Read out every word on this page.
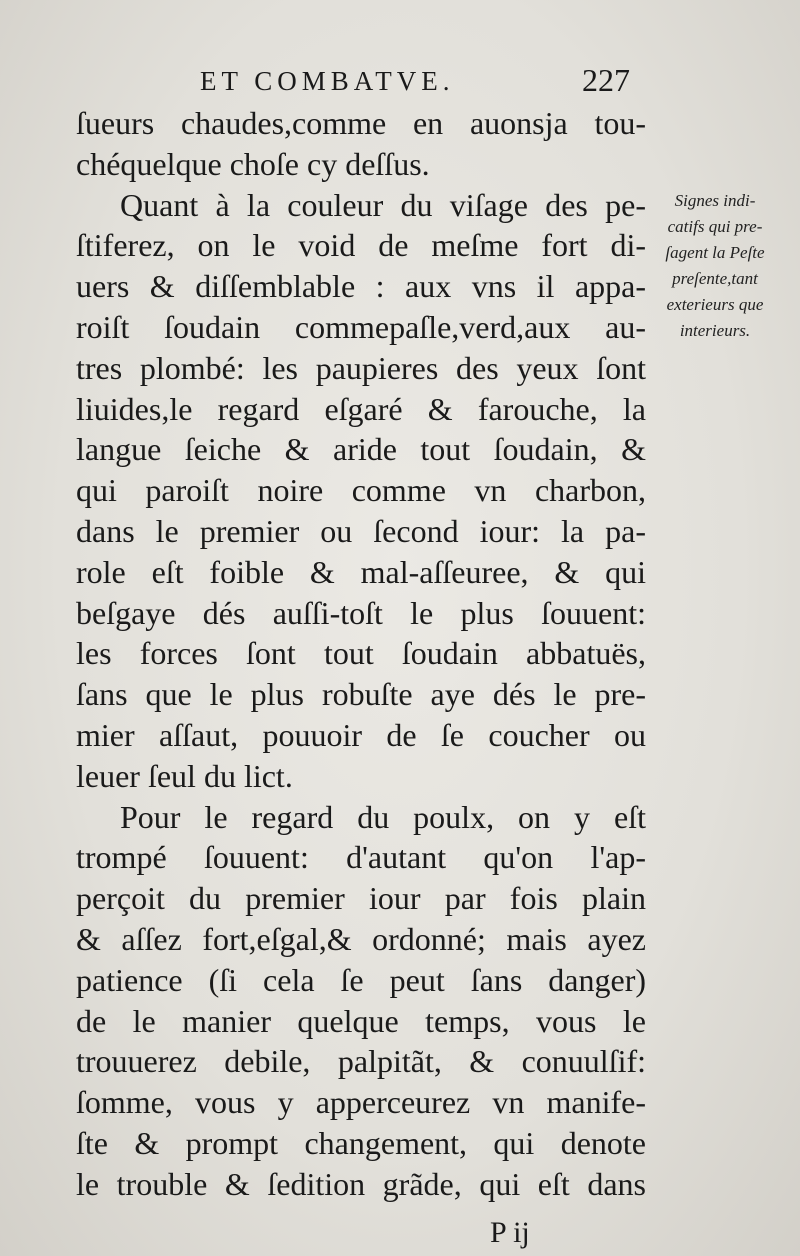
ET COMBATVE.	227
ſueurs chaudes,comme en auonsja tou-
chéquelque choſe cy deſſus.
Quant à la couleur du viſage des pe-
ſtiferez, on le void de meſme fort di-
uers & diſſemblable : aux vns il appa-
roiſt ſoudain commepaſle,verd,aux au-
tres plombé: les paupieres des yeux ſont
liuides,le regard eſgaré & farouche, la
langue ſeiche & aride tout ſoudain, &
qui paroiſt noire comme vn charbon,
dans le premier ou ſecond iour: la pa-
role eſt foible & mal-aſſeuree, & qui
beſgaye dés auſſi-toſt le plus ſouuent:
les forces ſont tout ſoudain abbatuës,
ſans que le plus robuſte aye dés le pre-
mier aſſaut, pouuoir de ſe coucher ou
leuer ſeul du lict.
Pour le regard du poulx, on y eſt
trompé ſouuent: d'autant qu'on l'ap-
perçoit du premier iour par fois plain
& aſſez fort,eſgal,& ordonné; mais ayez
patience (ſi cela ſe peut ſans danger)
de le manier quelque temps, vous le
trouuerez debile, palpitãt, & conuulſif:
ſomme, vous y apperceurez vn manife-
ſte & prompt changement, qui denote
le trouble & ſedition grãde, qui eſt dans
Signes indi-
catifs qui pre-
ſagent la Peſte
preſente,tant
exterieurs que
interieurs.
P ij
